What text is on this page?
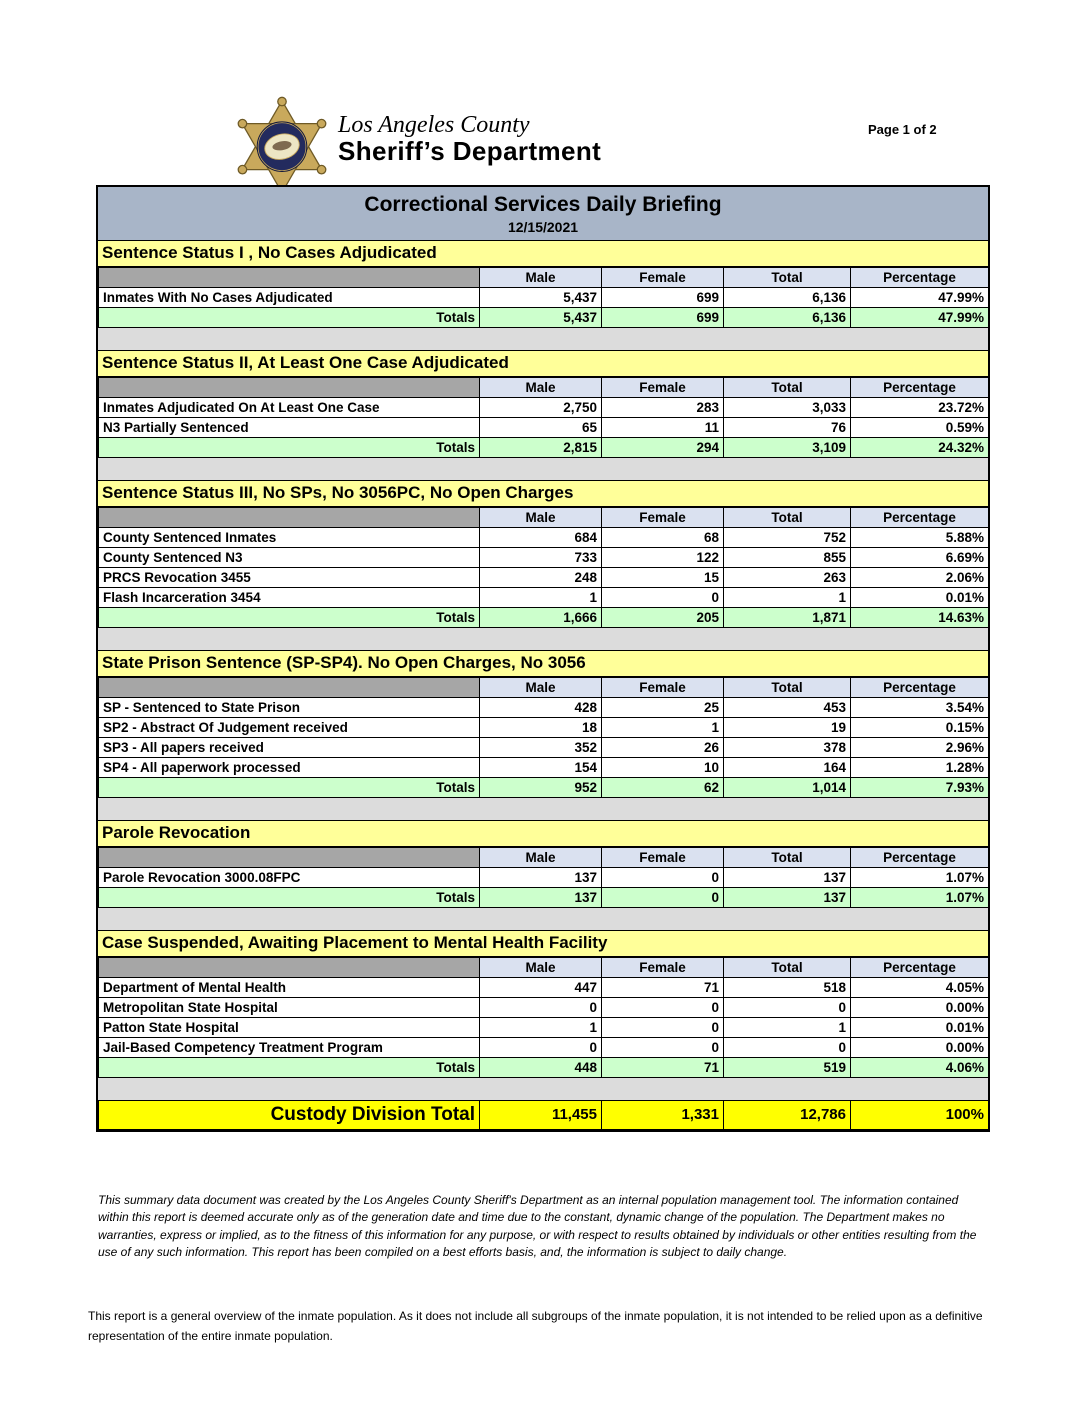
Los Angeles County
Sheriff’s Department
Page 1 of 2
Correctional Services Daily Briefing
12/15/2021
Sentence Status I , No Cases Adjudicated
	Male	Female	Total	Percentage
Inmates With No Cases Adjudicated	5,437	699	6,136	47.99%
Totals	5,437	699	6,136	47.99%
Sentence Status II, At Least One Case Adjudicated
	Male	Female	Total	Percentage
Inmates Adjudicated On At Least One Case	2,750	283	3,033	23.72%
N3 Partially Sentenced	65	11	76	0.59%
Totals	2,815	294	3,109	24.32%
Sentence Status III, No SPs, No 3056PC, No Open Charges
	Male	Female	Total	Percentage
County Sentenced Inmates	684	68	752	5.88%
County Sentenced N3	733	122	855	6.69%
PRCS Revocation 3455	248	15	263	2.06%
Flash Incarceration 3454	1	0	1	0.01%
Totals	1,666	205	1,871	14.63%
State Prison Sentence (SP-SP4). No Open Charges, No 3056
	Male	Female	Total	Percentage
SP - Sentenced to State Prison	428	25	453	3.54%
SP2 - Abstract Of Judgement received	18	1	19	0.15%
SP3 - All papers received	352	26	378	2.96%
SP4 - All paperwork processed	154	10	164	1.28%
Totals	952	62	1,014	7.93%
Parole Revocation
	Male	Female	Total	Percentage
Parole Revocation 3000.08FPC	137	0	137	1.07%
Totals	137	0	137	1.07%
Case Suspended, Awaiting Placement to Mental Health Facility
	Male	Female	Total	Percentage
Department of Mental Health	447	71	518	4.05%
Metropolitan State Hospital	0	0	0	0.00%
Patton State Hospital	1	0	1	0.01%
Jail-Based Competency Treatment Program	0	0	0	0.00%
Totals	448	71	519	4.06%
Custody Division Total	11,455	1,331	12,786	100%
This summary data document was created by the Los Angeles County Sheriff's Department as an internal population management tool. The information contained within this report is deemed accurate only as of the generation date and time due to the constant, dynamic change of the population. The Department makes no warranties, express or implied, as to the fitness of this information for any purpose, or with respect to results obtained by individuals or other entities resulting from the use of any such information. This report has been compiled on a best efforts basis, and, the information is subject to daily change.
This report is a general overview of the inmate population. As it does not include all subgroups of the inmate population, it is not intended to be relied upon as a definitive representation of the entire inmate population.
